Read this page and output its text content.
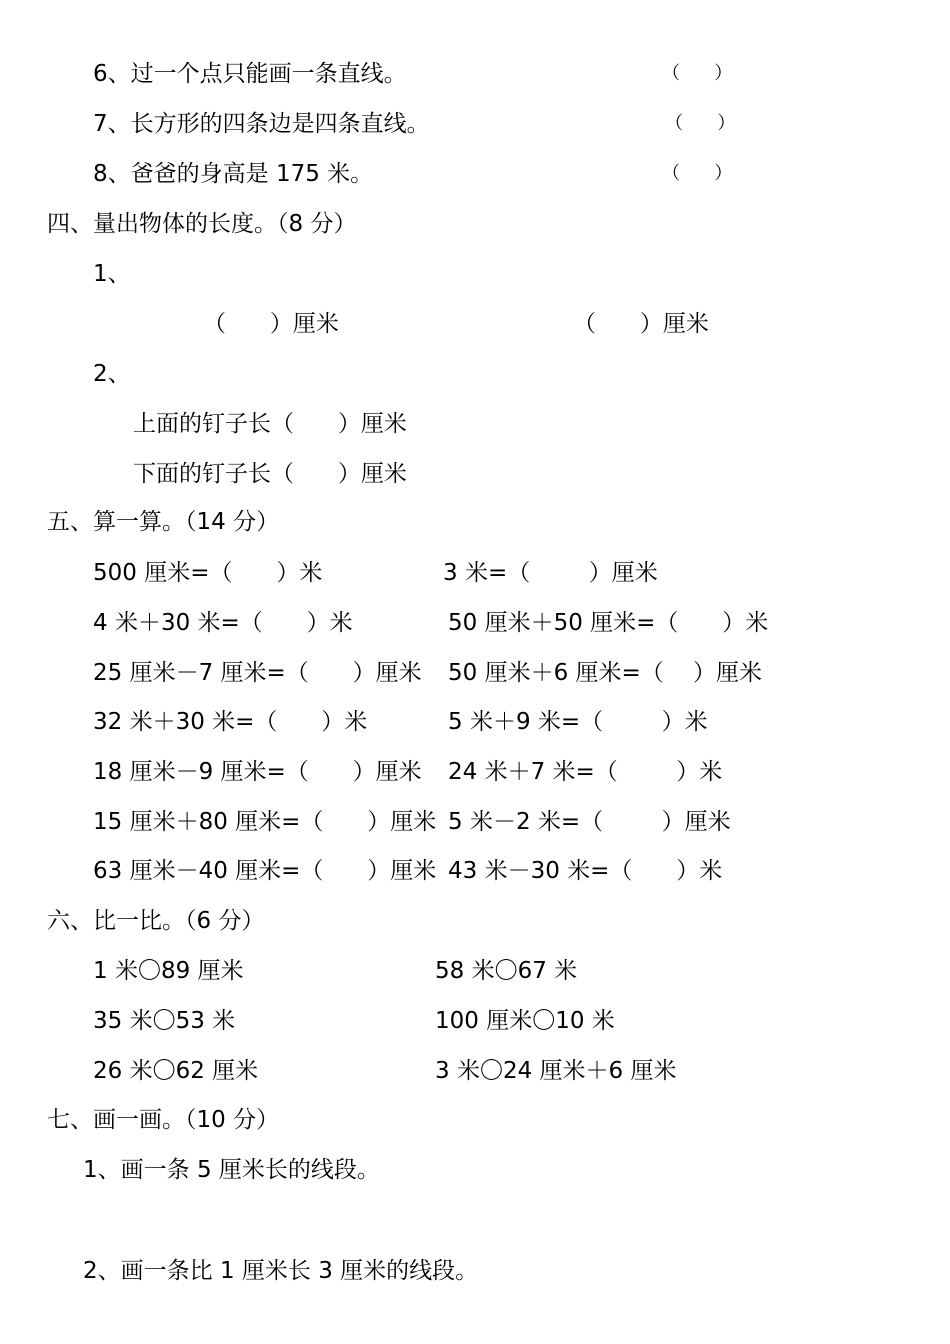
6、过一个点只能画一条直线。	（      ）
7、长方形的四条边是四条直线。	（      ）
8、爸爸的身高是 175 米。	（      ）
四、量出物体的长度。（8 分）
1、
（      ）厘米	（      ）厘米
2、
上面的钉子长（      ）厘米
下面的钉子长（      ）厘米
五、算一算。（14 分）
500 厘米=（      ）米	3 米=（        ）厘米
4 米＋30 米=（      ）米	50 厘米＋50 厘米=（      ）米
25 厘米－7 厘米=（      ）厘米 50 厘米＋6 厘米=（    ）厘米
32 米＋30 米=（      ）米	5 米＋9 米=（        ）米
18 厘米－9 厘米=（      ）厘米 24 米＋7 米=（        ）米
15 厘米＋80 厘米=（      ）厘米 5 米－2 米=（        ）厘米
63 厘米－40 厘米=（      ）厘米 43 米－30 米=（      ）米
六、比一比。（6 分）
1 米〇89 厘米	58 米〇67 米
35 米〇53 米	100 厘米〇10 米
26 米〇62 厘米	3 米〇24 厘米＋6 厘米
七、画一画。（10 分）
1、画一条 5 厘米长的线段。
2、画一条比 1 厘米长 3 厘米的线段。
